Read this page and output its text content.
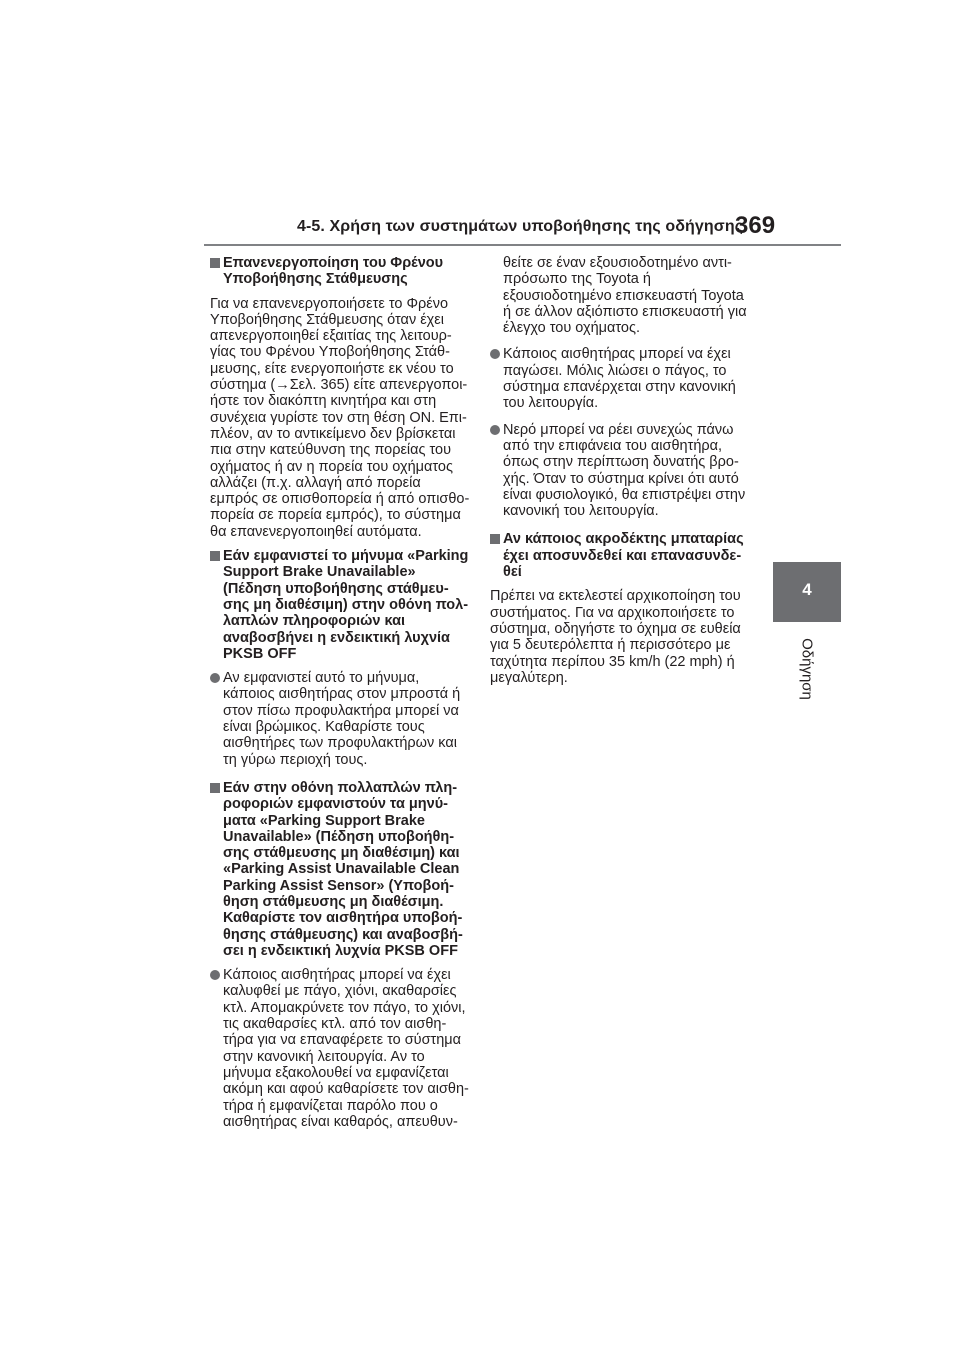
4-5. Χρήση των συστημάτων υποβοήθησης της οδήγησης
369
4
Οδήγηση
Επανενεργοποίηση του Φρένου
Υποβοήθησης Στάθμευσης
Για να επανενεργοποιήσετε το Φρένο
Υποβοήθησης Στάθμευσης όταν έχει
απενεργοποιηθεί εξαιτίας της λειτουρ-
γίας του Φρένου Υποβοήθησης Στάθ-
μευσης, είτε ενεργοποιήστε εκ νέου το
σύστημα (→Σελ. 365) είτε απενεργοποι-
ήστε τον διακόπτη κινητήρα και στη
συνέχεια γυρίστε τον στη θέση ON. Επι-
πλέον, αν το αντικείμενο δεν βρίσκεται
πια στην κατεύθυνση της πορείας του
οχήματος ή αν η πορεία του οχήματος
αλλάζει (π.χ. αλλαγή από πορεία
εμπρός σε οπισθοπορεία ή από οπισθο-
πορεία σε πορεία εμπρός), το σύστημα
θα επανενεργοποιηθεί αυτόματα.
Εάν εμφανιστεί το μήνυμα «Parking
Support Brake Unavailable»
(Πέδηση υποβοήθησης στάθμευ-
σης μη διαθέσιμη) στην οθόνη πολ-
λαπλών πληροφοριών και
αναβοσβήνει η ενδεικτική λυχνία
PKSB OFF
Αν εμφανιστεί αυτό το μήνυμα,
κάποιος αισθητήρας στον μπροστά ή
στον πίσω προφυλακτήρα μπορεί να
είναι βρώμικος. Καθαρίστε τους
αισθητήρες των προφυλακτήρων και
τη γύρω περιοχή τους.
Εάν στην οθόνη πολλαπλών πλη-
ροφοριών εμφανιστούν τα μηνύ-
ματα «Parking Support Brake
Unavailable» (Πέδηση υποβοήθη-
σης στάθμευσης μη διαθέσιμη) και
«Parking Assist Unavailable Clean
Parking Assist Sensor» (Υποβοή-
θηση στάθμευσης μη διαθέσιμη.
Καθαρίστε τον αισθητήρα υποβοή-
θησης στάθμευσης) και αναβοσβή-
σει η ενδεικτική λυχνία PKSB OFF
Κάποιος αισθητήρας μπορεί να έχει
καλυφθεί με πάγο, χιόνι, ακαθαρσίες
κτλ. Απομακρύνετε τον πάγο, το χιόνι,
τις ακαθαρσίες κτλ. από τον αισθη-
τήρα για να επαναφέρετε το σύστημα
στην κανονική λειτουργία. Αν το
μήνυμα εξακολουθεί να εμφανίζεται
ακόμη και αφού καθαρίσετε τον αισθη-
τήρα ή εμφανίζεται παρόλο που ο
αισθητήρας είναι καθαρός, απευθυν-
θείτε σε έναν εξουσιοδοτημένο αντι-
πρόσωπο της Toyota ή
εξουσιοδοτημένο επισκευαστή Toyota
ή σε άλλον αξιόπιστο επισκευαστή για
έλεγχο του οχήματος.
Κάποιος αισθητήρας μπορεί να έχει
παγώσει. Μόλις λιώσει ο πάγος, το
σύστημα επανέρχεται στην κανονική
του λειτουργία.
Νερό μπορεί να ρέει συνεχώς πάνω
από την επιφάνεια του αισθητήρα,
όπως στην περίπτωση δυνατής βρο-
χής. Όταν το σύστημα κρίνει ότι αυτό
είναι φυσιολογικό, θα επιστρέψει στην
κανονική του λειτουργία.
Αν κάποιος ακροδέκτης μπαταρίας
έχει αποσυνδεθεί και επανασυνδε-
θεί
Πρέπει να εκτελεστεί αρχικοποίηση του
συστήματος. Για να αρχικοποιήσετε το
σύστημα, οδηγήστε το όχημα σε ευθεία
για 5 δευτερόλεπτα ή περισσότερο με
ταχύτητα περίπου 35 km/h (22 mph) ή
μεγαλύτερη.
